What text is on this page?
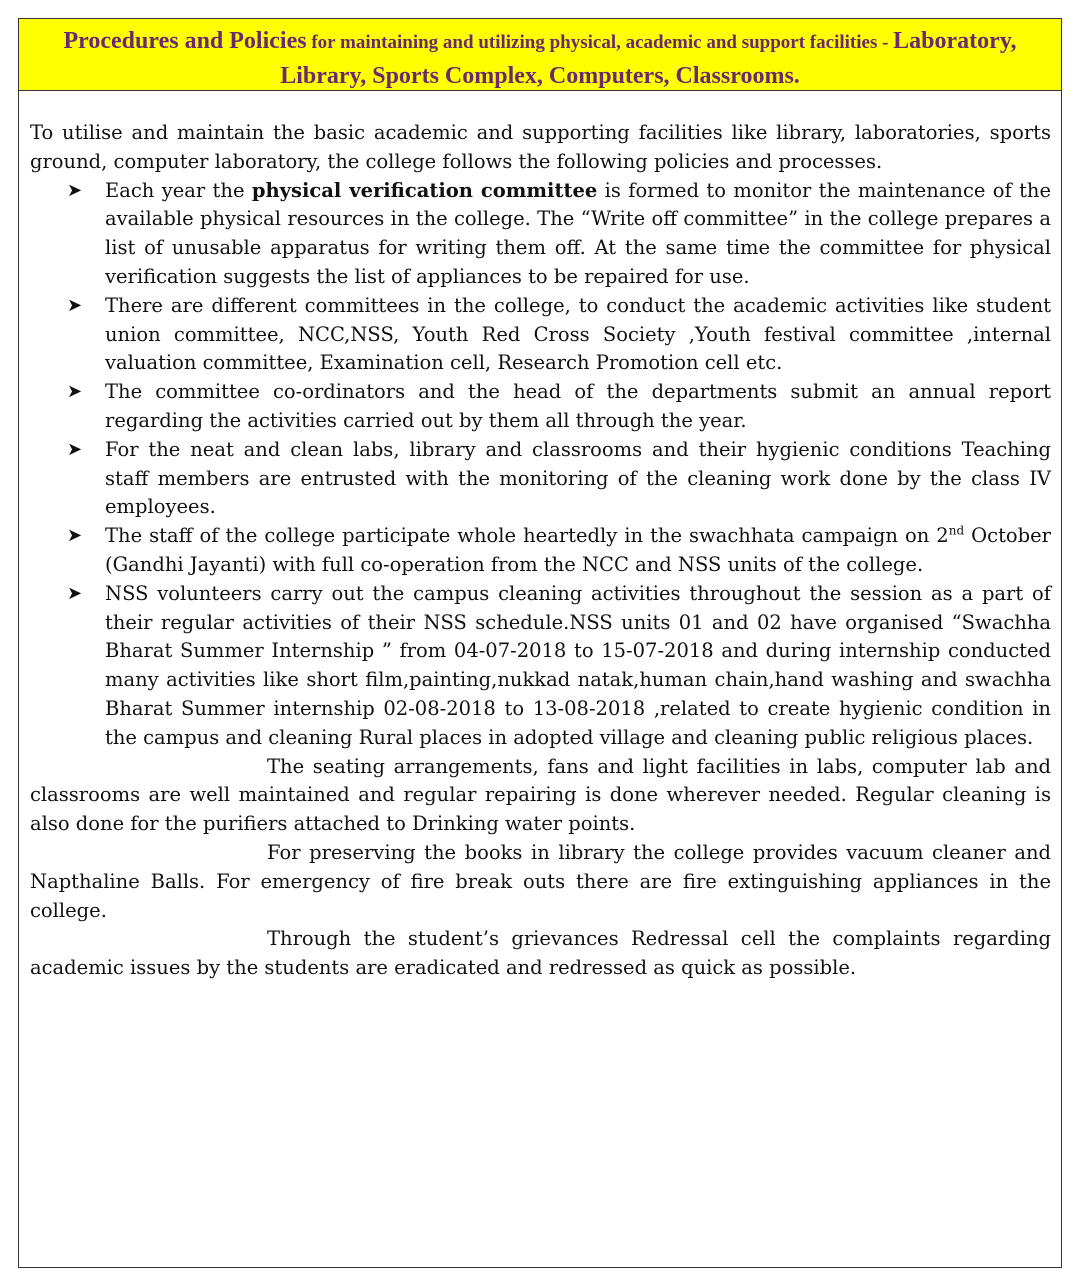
Procedures and Policies for maintaining and utilizing physical, academic and support facilities - Laboratory, Library, Sports Complex, Computers, Classrooms.

To utilise and maintain the basic academic and supporting facilities like library, laboratories, sports ground, computer laboratory, the college follows the following policies and processes.

➤ Each year the physical verification committee is formed to monitor the maintenance of the available physical resources in the college. The “Write off committee” in the college prepares a list of unusable apparatus for writing them off. At the same time the committee for physical verification suggests the list of appliances to be repaired for use.
➤ There are different committees in the college, to conduct the academic activities like student union committee, NCC,NSS, Youth Red Cross Society ,Youth festival committee ,internal valuation committee, Examination cell, Research Promotion cell etc.
➤ The committee co-ordinators and the head of the departments submit an annual report regarding the activities carried out by them all through the year.
➤ For the neat and clean labs, library and classrooms and their hygienic conditions Teaching staff members are entrusted with the monitoring of the cleaning work done by the class IV employees.
➤ The staff of the college participate whole heartedly in the swachhata campaign on 2nd October (Gandhi Jayanti) with full co-operation from the NCC and NSS units of the college.
➤ NSS volunteers carry out the campus cleaning activities throughout the session as a part of their regular activities of their NSS schedule.NSS units 01 and 02 have organised “Swachha Bharat Summer Internship ” from 04-07-2018 to 15-07-2018 and during internship conducted many activities like short film,painting,nukkad natak,human chain,hand washing and swachha Bharat Summer internship 02-08-2018 to 13-08-2018 ,related to create hygienic condition in the campus and cleaning Rural places in adopted village and cleaning public religious places.

The seating arrangements, fans and light facilities in labs, computer lab and classrooms are well maintained and regular repairing is done wherever needed. Regular cleaning is also done for the purifiers attached to Drinking water points.

For preserving the books in library the college provides vacuum cleaner and Napthaline Balls. For emergency of fire break outs there are fire extinguishing appliances in the college.

Through the student’s grievances Redressal cell the complaints regarding academic issues by the students are eradicated and redressed as quick as possible.
